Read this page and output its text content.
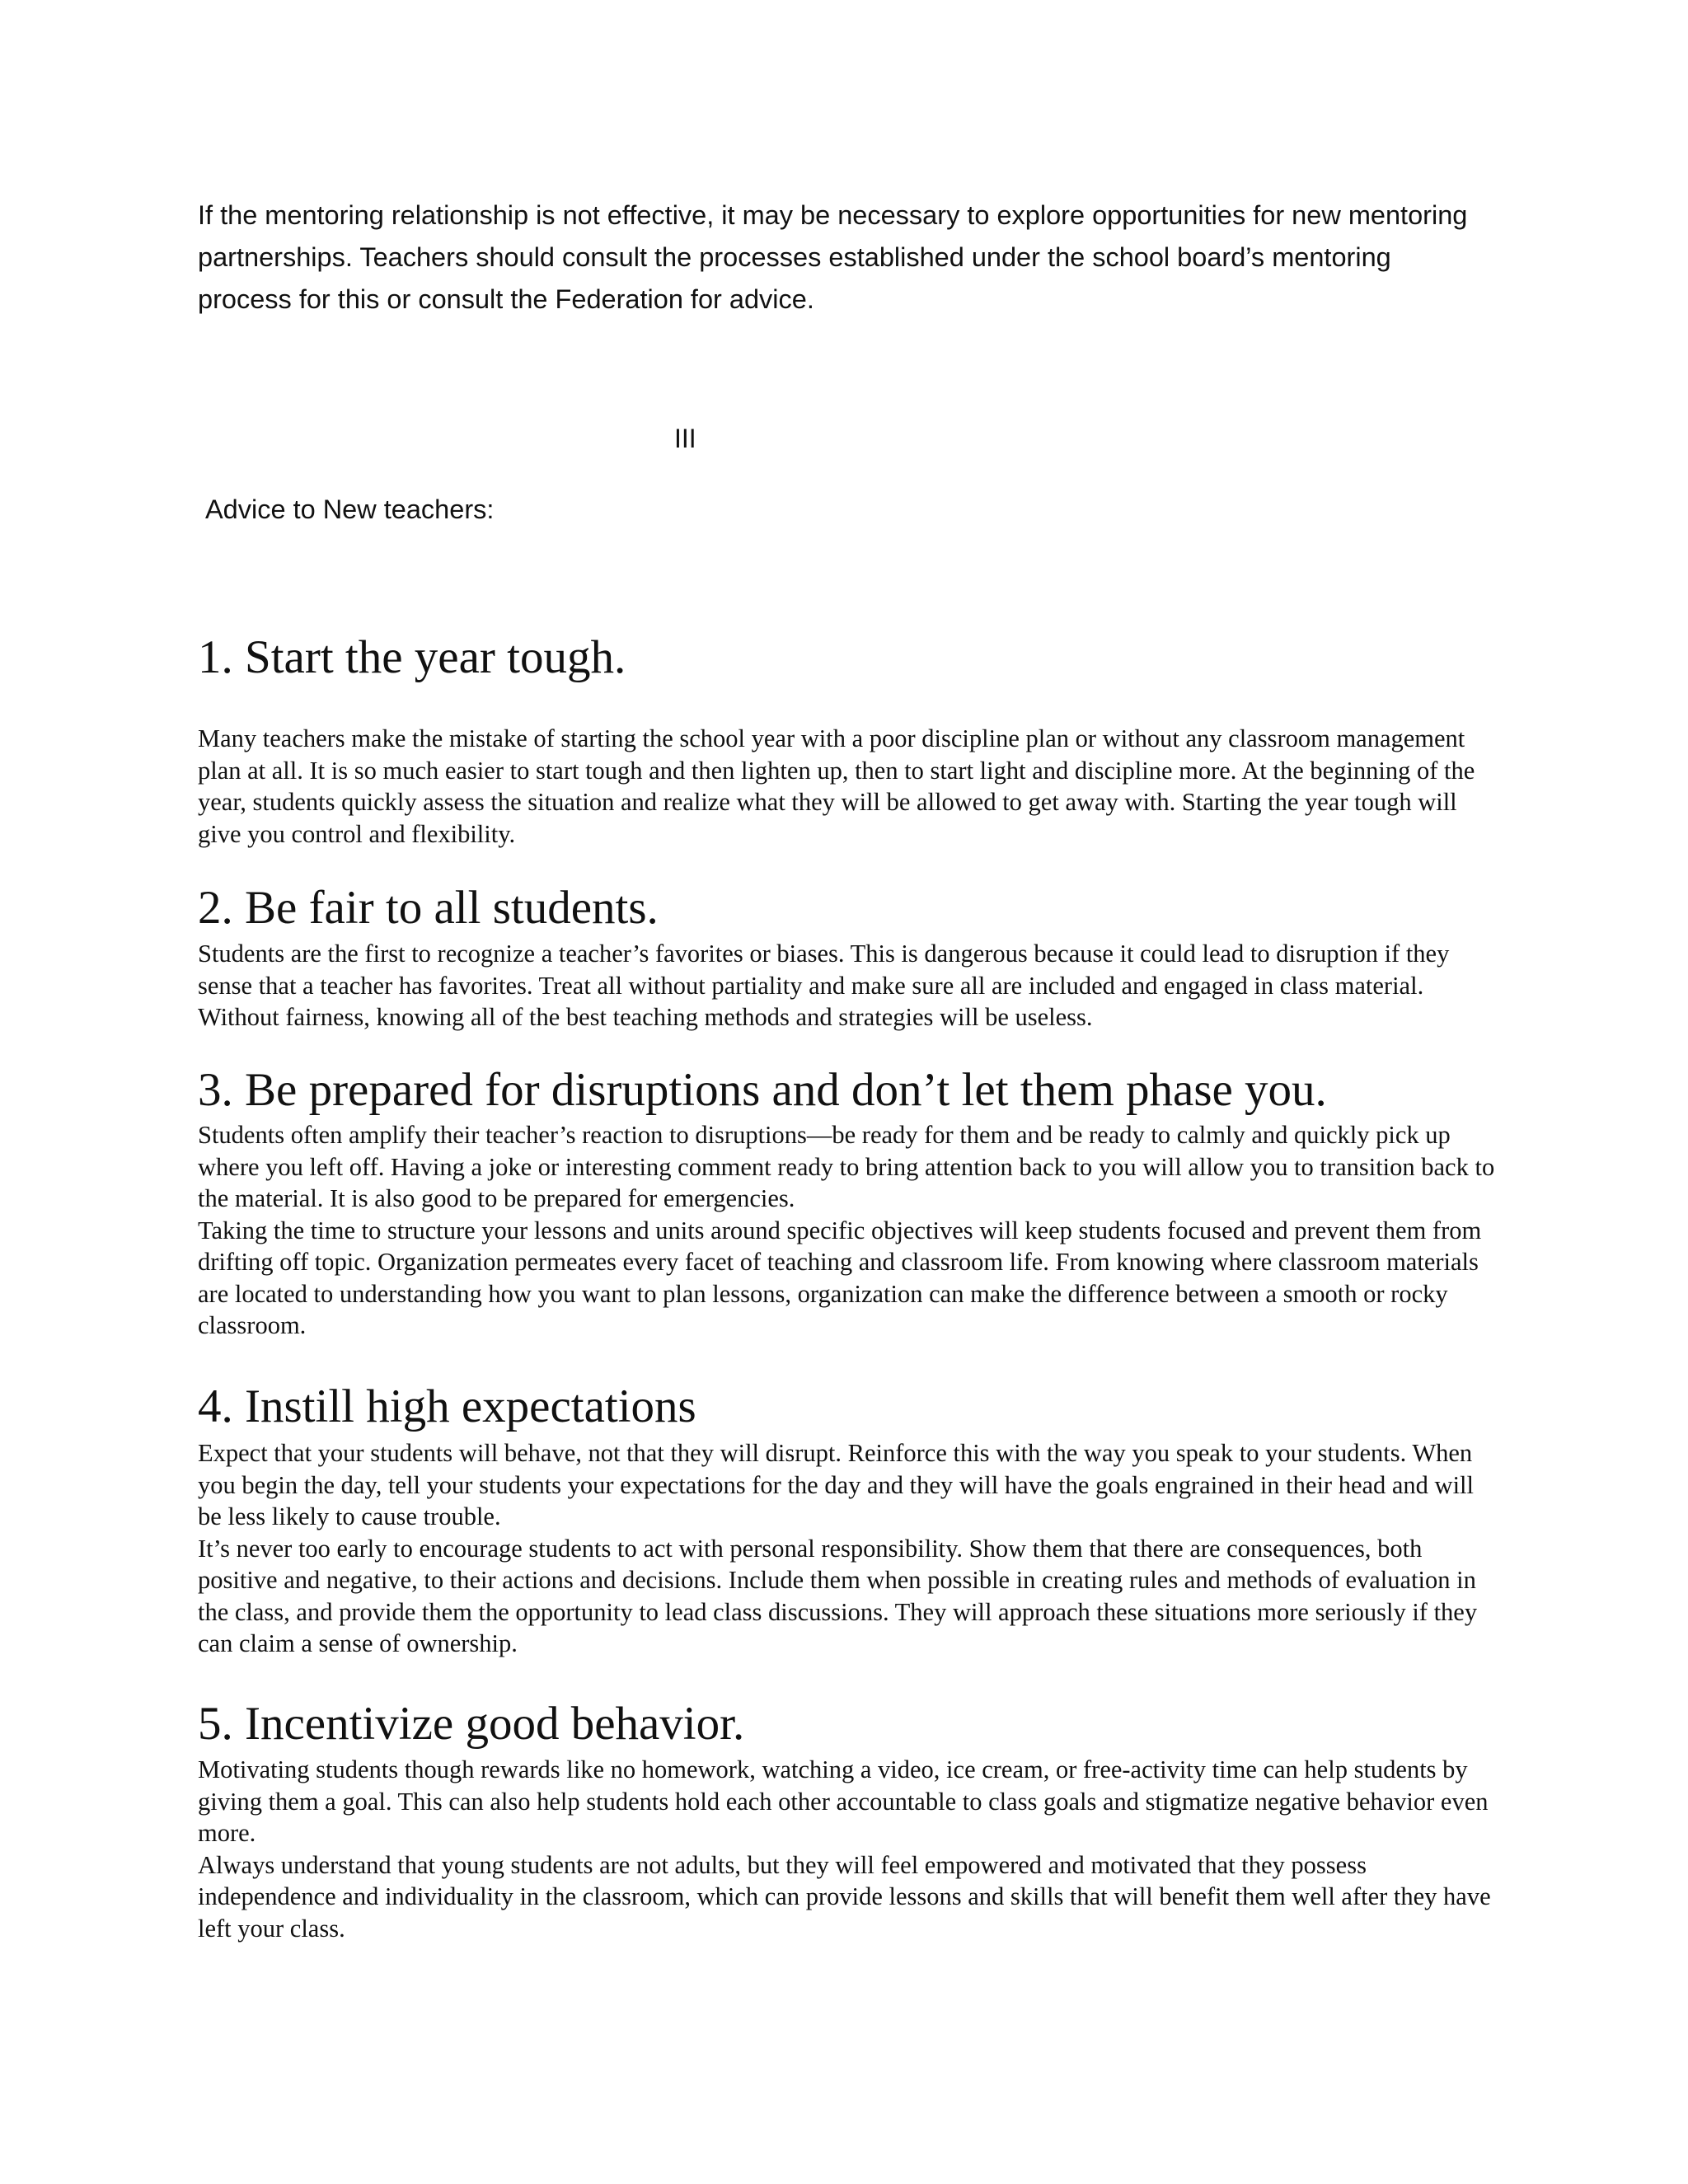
If the mentoring relationship is not effective, it may be necessary to explore opportunities for new mentoring partnerships. Teachers should consult the processes established under the school board’s mentoring process for this or consult the Federation for advice.

III

Advice to New teachers:

1. Start the year tough.

Many teachers make the mistake of starting the school year with a poor discipline plan or without any classroom management plan at all. It is so much easier to start tough and then lighten up, then to start light and discipline more. At the beginning of the year, students quickly assess the situation and realize what they will be allowed to get away with. Starting the year tough will give you control and flexibility.

2. Be fair to all students.

Students are the first to recognize a teacher’s favorites or biases. This is dangerous because it could lead to disruption if they sense that a teacher has favorites. Treat all without partiality and make sure all are included and engaged in class material. Without fairness, knowing all of the best teaching methods and strategies will be useless.

3. Be prepared for disruptions and don’t let them phase you.

Students often amplify their teacher’s reaction to disruptions—be ready for them and be ready to calmly and quickly pick up where you left off. Having a joke or interesting comment ready to bring attention back to you will allow you to transition back to the material. It is also good to be prepared for emergencies.
Taking the time to structure your lessons and units around specific objectives will keep students focused and prevent them from drifting off topic. Organization permeates every facet of teaching and classroom life. From knowing where classroom materials are located to understanding how you want to plan lessons, organization can make the difference between a smooth or rocky classroom.

4. Instill high expectations

Expect that your students will behave, not that they will disrupt. Reinforce this with the way you speak to your students. When you begin the day, tell your students your expectations for the day and they will have the goals engrained in their head and will be less likely to cause trouble.
It’s never too early to encourage students to act with personal responsibility. Show them that there are consequences, both positive and negative, to their actions and decisions. Include them when possible in creating rules and methods of evaluation in the class, and provide them the opportunity to lead class discussions. They will approach these situations more seriously if they can claim a sense of ownership.

5. Incentivize good behavior.

Motivating students though rewards like no homework, watching a video, ice cream, or free-activity time can help students by giving them a goal. This can also help students hold each other accountable to class goals and stigmatize negative behavior even more.
Always understand that young students are not adults, but they will feel empowered and motivated that they possess independence and individuality in the classroom, which can provide lessons and skills that will benefit them well after they have left your class.
